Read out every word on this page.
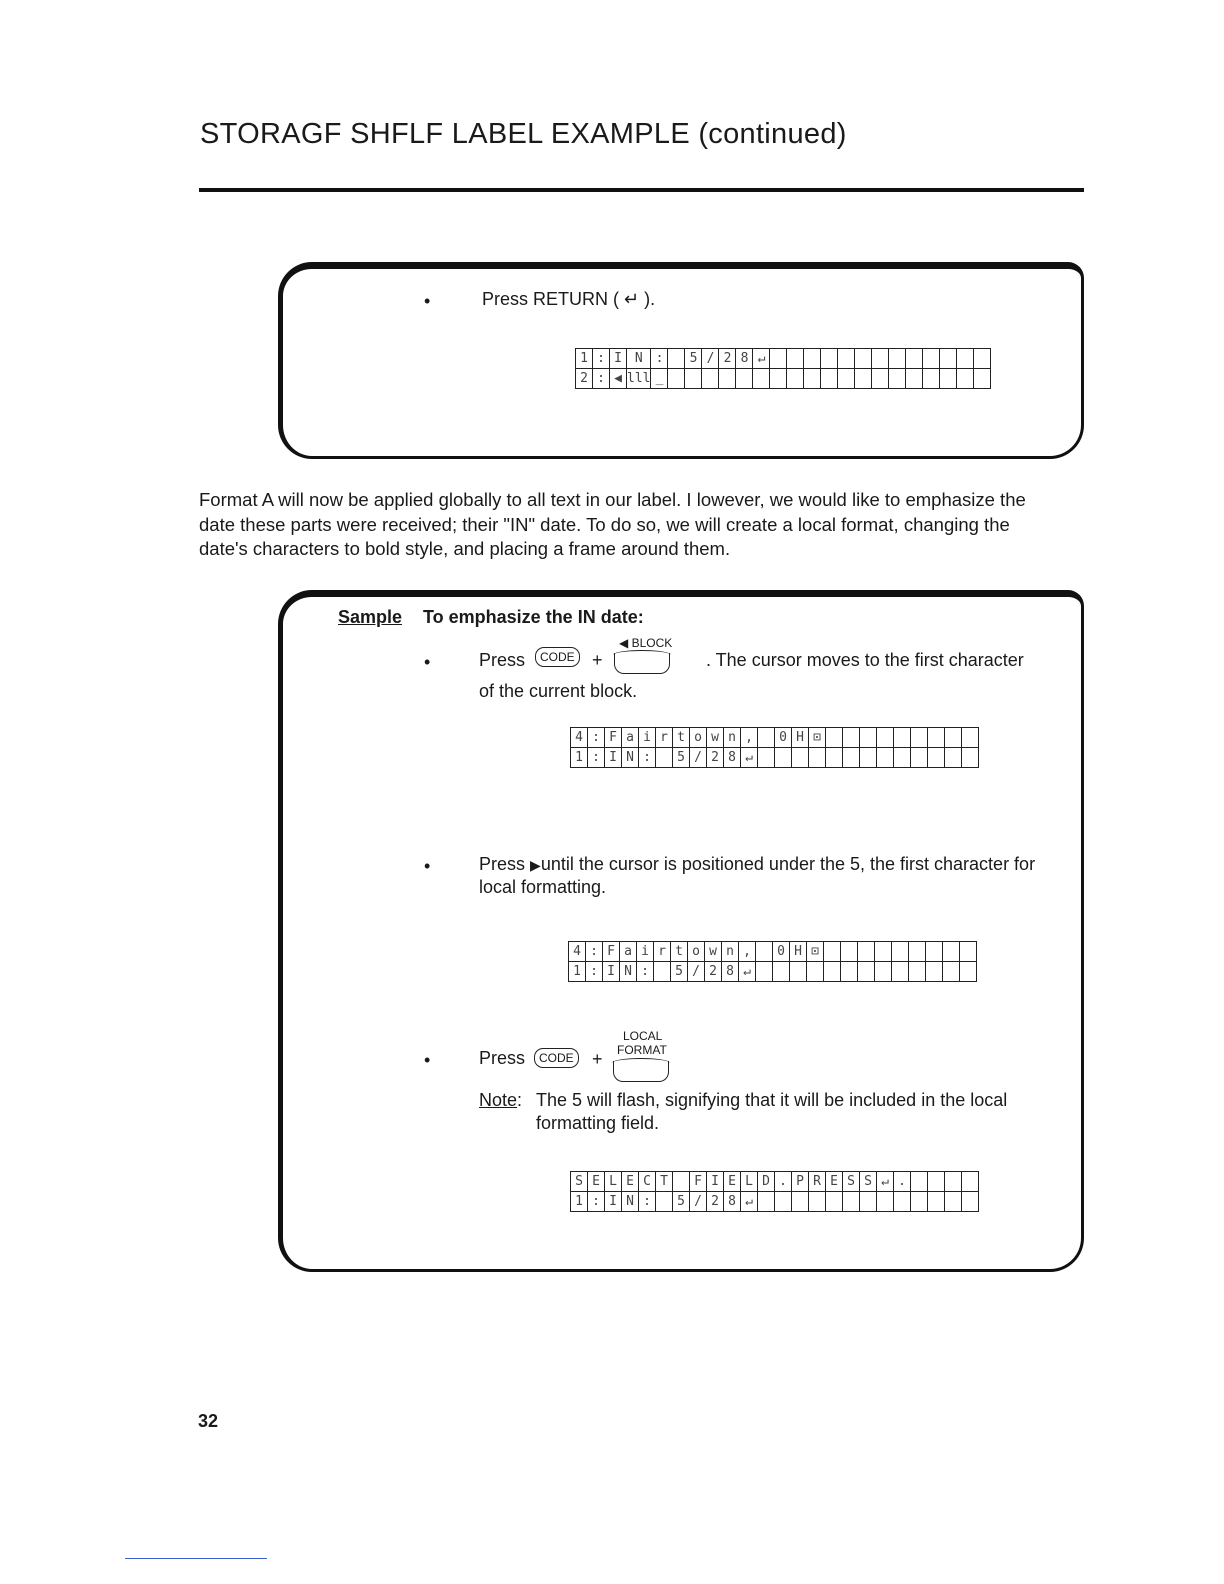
STORAGF SHFLF LABEL EXAMPLE (continued)
•	Press RETURN ( ↵ ).
1	:	I	N	:		5	/	2	8	↵													
2	:	◀	lll	_																			

Format A will now be applied globally to all text in our label. I lowever, we would like to emphasize the

date these parts were received; their "IN" date. To do so, we will create a local format, changing the

date's characters to bold style, and placing a frame around them.

Sample To emphasize the IN date:
•	Press	CODE +
◀ BLOCK
. The cursor moves to the first character
of the current block.
4	:	F	a	i	r	t	o	w	n	,		0	H	⊡									
1	:	I	N	:		5	/	2	8	↵													
•	Press ▶until the cursor is positioned under the 5, the first character for
local formatting.
4	:	F	a	i	r	t	o	w	n	,		0	H	⊡									
1	:	I	N	:		5	/	2	8	↵													
•	Press	CODE +
LOCAL
FORMAT
Note: The 5 will flash, signifying that it will be included in the local
formatting field.
S	E	L	E	C	T		F	I	E	L	D	.	P	R	E	S	S	↵	.				
1	:	I	N	:		5	/	2	8	↵													
32
